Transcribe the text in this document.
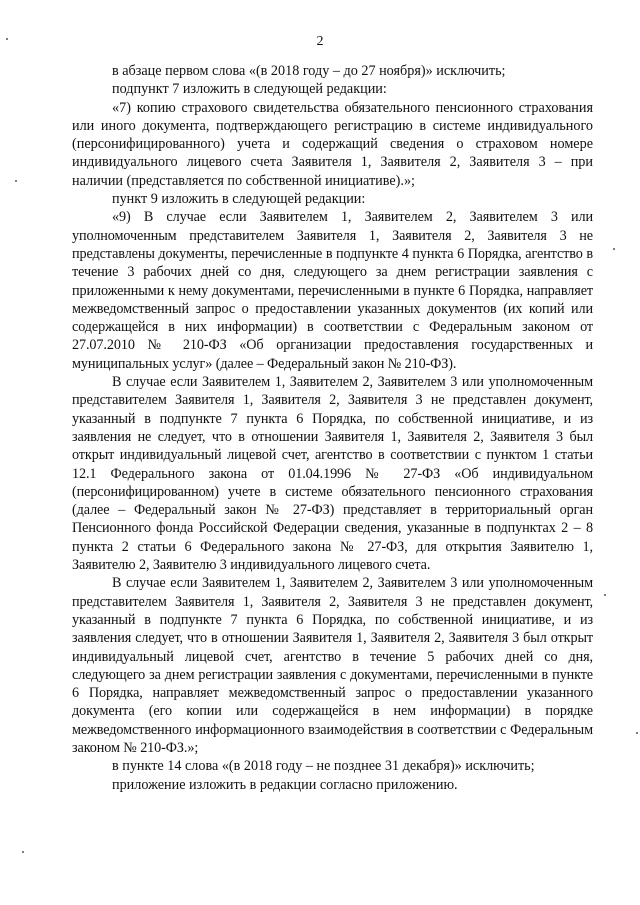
2

в абзаце первом слова «(в 2018 году – до 27 ноября)» исключить;

подпункт 7 изложить в следующей редакции:

«7) копию страхового свидетельства обязательного пенсионного страхования или иного документа, подтверждающего регистрацию в системе индивидуального (персонифицированного) учета и содержащий сведения о страховом номере индивидуального лицевого счета Заявителя 1, Заявителя 2, Заявителя 3 – при наличии (представляется по собственной инициативе).»;

пункт 9 изложить в следующей редакции:

«9) В случае если Заявителем 1, Заявителем 2, Заявителем 3 или уполномоченным представителем Заявителя 1, Заявителя 2, Заявителя 3 не представлены документы, перечисленные в подпункте 4 пункта 6 Порядка, агентство в течение 3 рабочих дней со дня, следующего за днем регистрации заявления с приложенными к нему документами, перечисленными в пункте 6 Порядка, направляет межведомственный запрос о предоставлении указанных документов (их копий или содержащейся в них информации) в соответствии с Федеральным законом от 27.07.2010 № 210-ФЗ «Об организации предоставления государственных и муниципальных услуг» (далее – Федеральный закон № 210-ФЗ).

В случае если Заявителем 1, Заявителем 2, Заявителем 3 или уполномоченным представителем Заявителя 1, Заявителя 2, Заявителя 3 не представлен документ, указанный в подпункте 7 пункта 6 Порядка, по собственной инициативе, и из заявления не следует, что в отношении Заявителя 1, Заявителя 2, Заявителя 3 был открыт индивидуальный лицевой счет, агентство в соответствии с пунктом 1 статьи 12.1 Федерального закона от 01.04.1996 № 27-ФЗ «Об индивидуальном (персонифицированном) учете в системе обязательного пенсионного страхования (далее – Федеральный закон № 27-ФЗ) представляет в территориальный орган Пенсионного фонда Российской Федерации сведения, указанные в подпунктах 2 – 8 пункта 2 статьи 6 Федерального закона № 27-ФЗ, для открытия Заявителю 1, Заявителю 2, Заявителю 3 индивидуального лицевого счета.

В случае если Заявителем 1, Заявителем 2, Заявителем 3 или уполномоченным представителем Заявителя 1, Заявителя 2, Заявителя 3 не представлен документ, указанный в подпункте 7 пункта 6 Порядка, по собственной инициативе, и из заявления следует, что в отношении Заявителя 1, Заявителя 2, Заявителя 3 был открыт индивидуальный лицевой счет, агентство в течение 5 рабочих дней со дня, следующего за днем регистрации заявления с документами, перечисленными в пункте 6 Порядка, направляет межведомственный запрос о предоставлении указанного документа (его копии или содержащейся в нем информации) в порядке межведомственного информационного взаимодействия в соответствии с Федеральным законом № 210-ФЗ.»;

в пункте 14 слова «(в 2018 году – не позднее 31 декабря)» исключить;

приложение изложить в редакции согласно приложению.
